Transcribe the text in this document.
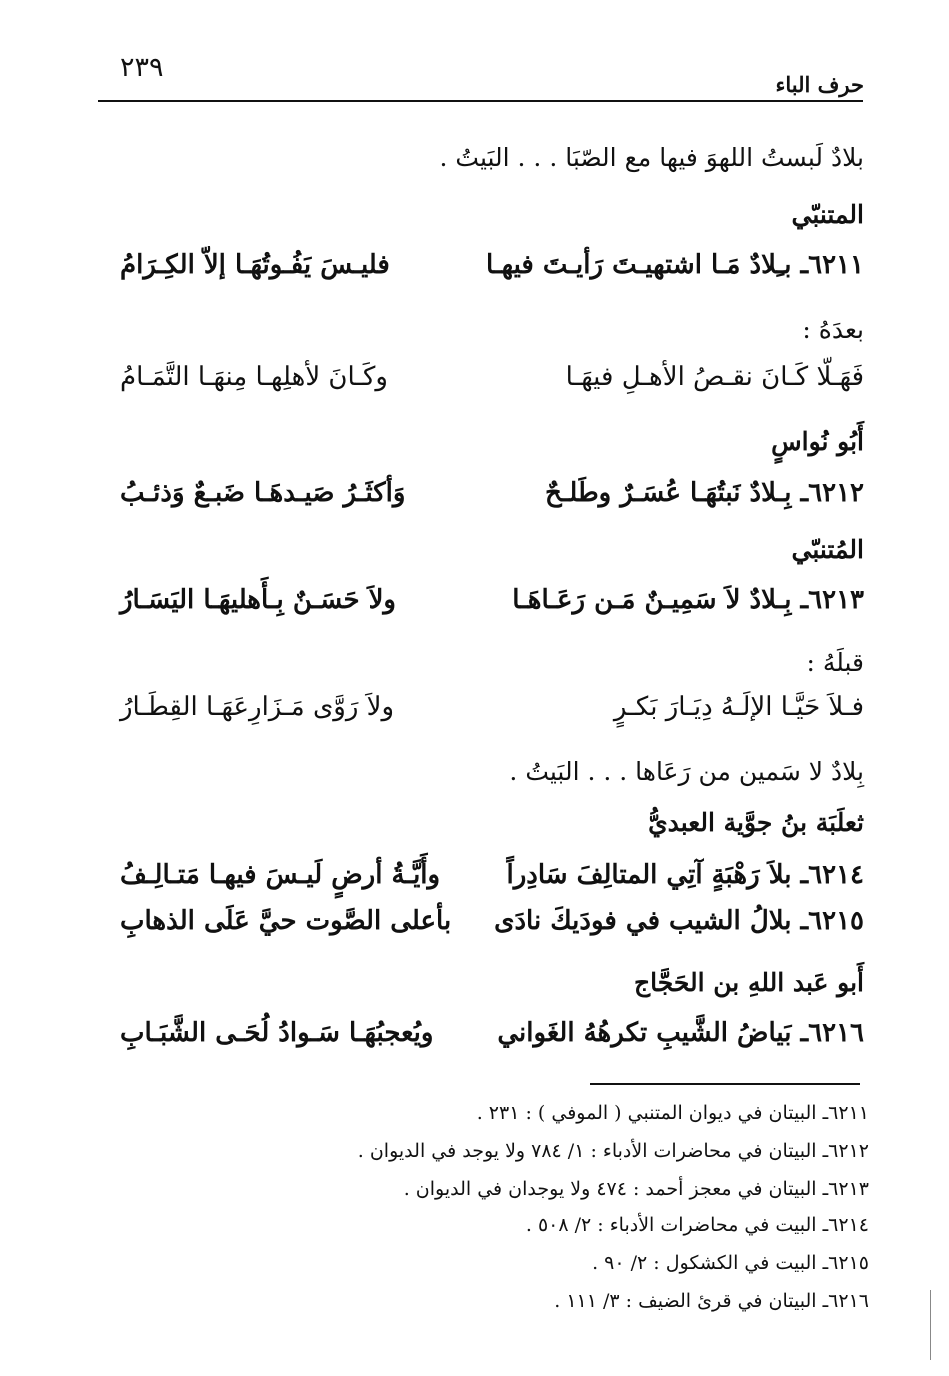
٢٣٩
حرف الباء
بلادٌ لَبستُ اللهوَ فيها مع الصّبَا . . . البَيتُ .
المتنبّي
٦٢١١ـ بـِلادٌ مَـا اشتهيـتَ رَأيـتَ فيهـا
فليـسَ يَفُـوتُهَـا إلاّ الكِـرَامُ
بعدَهُ :
فَهَـلّا كَـانَ نقـصُ الأهـلِ فيهَـا
وكَـانَ لأهلِهـا مِنهَـا التَّمَـامُ
أَبُو نُواسٍ
٦٢١٢ـ بِـلادٌ نَبتُهَـا عُسَـرٌ وطَلـحٌ
وَأكثَـرُ صَيـدهَـا ضَبـعٌ وَذئـبُ
المُتنبّي
٦٢١٣ـ بِـلادٌ لاَ سَمِيـنٌ مَـن رَعَـاهَـا
ولاَ حَسَـنٌ بِـأَهليهَـا اليَسَـارُ
قبلَهُ :
فـلاَ حَيَّـا الإلَـهُ دِيَـارَ بَكـرٍ
ولاَ رَوَّى مَـزَارِعَهَـا القِطَـارُ
بِلادٌ لا سَمين من رَعَاها . . . البَيتُ .
ثعلَبَة بنُ جوَّية العبديُّ
٦٢١٤ـ بلاَ رَهْبَةٍ آتِي المتالِفَ سَادِراً
وأَيَّـةُ أرضٍ لَيـسَ فيهـا مَتـالِـفُ
٦٢١٥ـ بلالُ الشيب في فودَيكَ نادَى
بأعلى الصَّوت حيَّ عَلَى الذهابِ
أَبو عَبد اللهِ بن الحَجَّاج
٦٢١٦ـ بَياضُ الشَّيبِ تكرهُهُ الغَواني
ويُعجبُهَـا سَـوادُ لُحَـى الشَّبَـابِ
٦٢١١ـ البيتان في ديوان المتنبي ( الموفي ) : ٢٣١ .
٦٢١٢ـ البيتان في محاضرات الأدباء : ١/ ٧٨٤ ولا يوجد في الديوان .
٦٢١٣ـ البيتان في معجز أحمد : ٤٧٤ ولا يوجدان في الديوان .
٦٢١٤ـ البيت في محاضرات الأدباء : ٢/ ٥٠٨ .
٦٢١٥ـ البيت في الكشكول : ٢/ ٩٠ .
٦٢١٦ـ البيتان في قرئ الضيف : ٣/ ١١١ .
